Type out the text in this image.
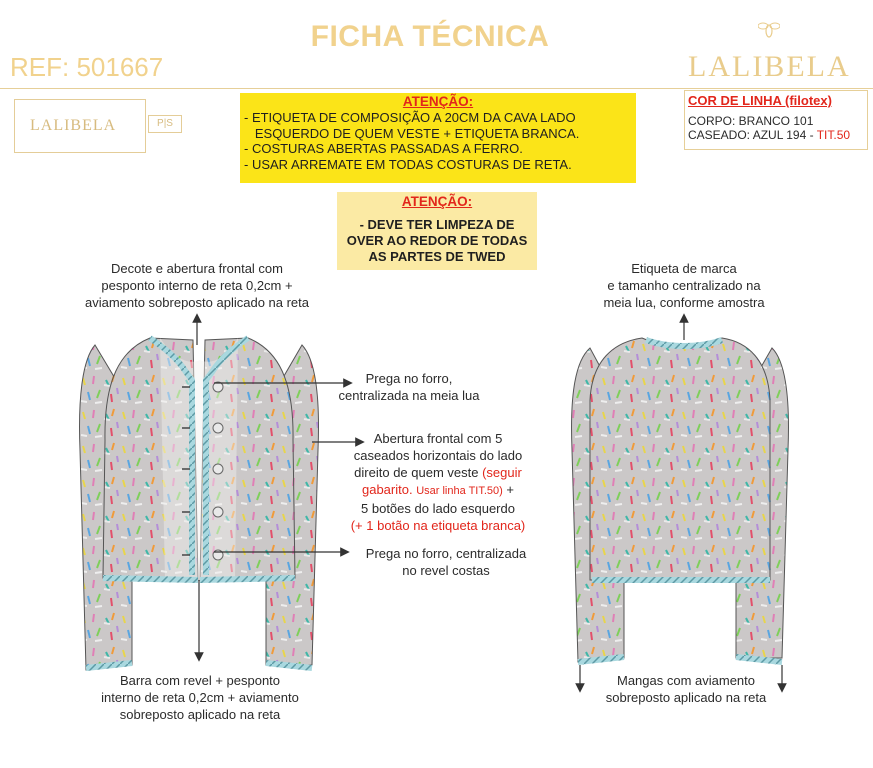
FICHA TÉCNICA
REF: 501667	LALIBELA
LALIBELA	P|S
ATENÇÃO:
- ETIQUETA DE COMPOSIÇÃO A 20CM DA CAVA LADO
ESQUERDO DE QUEM VESTE + ETIQUETA BRANCA.
- COSTURAS ABERTAS PASSADAS A FERRO.
- USAR ARREMATE EM TODAS COSTURAS DE RETA.
COR DE LINHA (filotex)
CORPO: BRANCO 101
CASEADO: AZUL 194 - TIT.50
ATENÇÃO:
- DEVE TER LIMPEZA DE
OVER AO REDOR DE TODAS
AS PARTES DE TWED
Decote e abertura frontal com
pesponto interno de reta 0,2cm +
aviamento sobreposto aplicado na reta
Prega no forro,
centralizada na meia lua
Abertura frontal com 5
caseados horizontais do lado
direito de quem veste (seguir
gabarito. Usar linha TIT.50) +
5 botões do lado esquerdo
(+ 1 botão na etiqueta branca)
Prega no forro, centralizada
no revel costas
Barra com revel + pesponto
interno de reta 0,2cm + aviamento
sobreposto aplicado na reta
Etiqueta de marca
e tamanho centralizado na
meia lua, conforme amostra
Mangas com aviamento
sobreposto aplicado na reta
